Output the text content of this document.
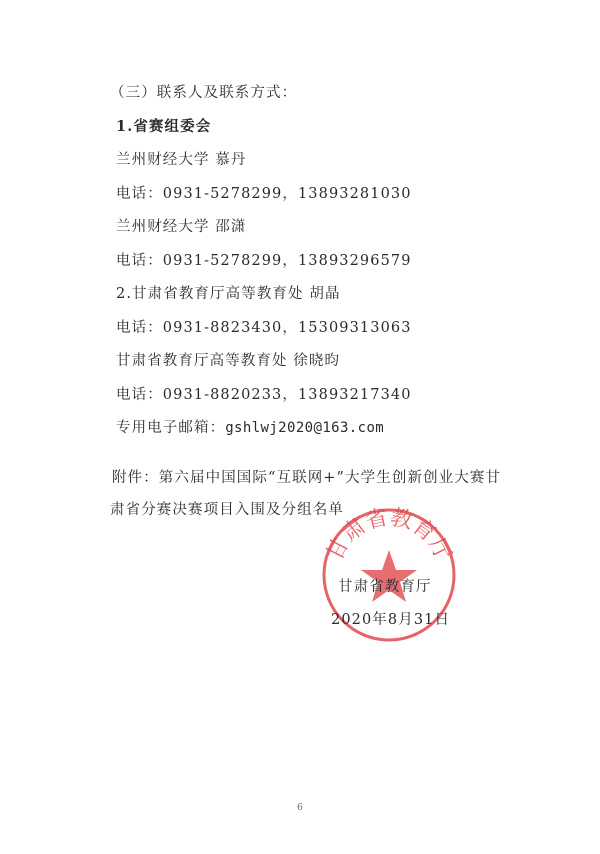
（三）联系人及联系方式：
1.省赛组委会
兰州财经大学 慕丹
电话：0931-5278299，13893281030
兰州财经大学 邵潇
电话：0931-5278299，13893296579
2.甘肃省教育厅高等教育处 胡晶
电话：0931-8823430，15309313063
甘肃省教育厅高等教育处 徐晓昀
电话：0931-8820233，13893217340
专用电子邮箱：gshlwj2020@163.com
附件：第六届中国国际“互联网+”大学生创新创业大赛甘
肃省分赛决赛项目入围及分组名单
甘肃省教育厅
甘肃省教育厅
2020年8月31日
6
